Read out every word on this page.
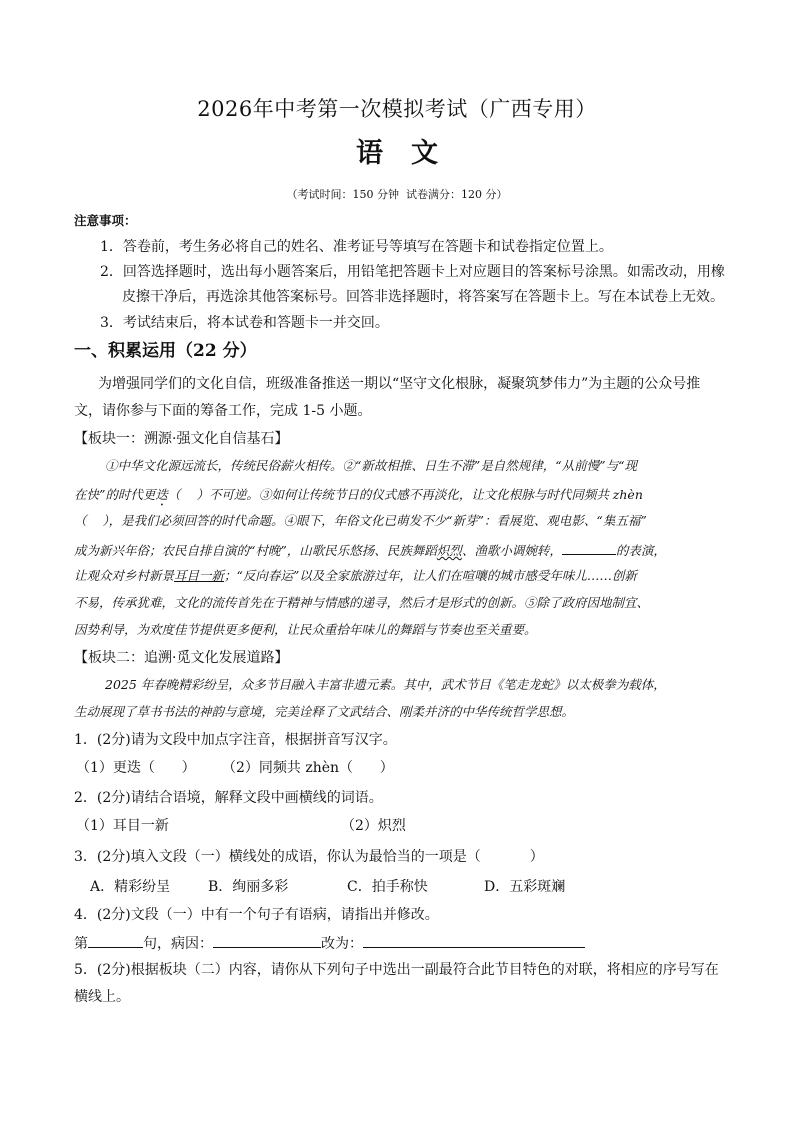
2026年中考第一次模拟考试（广西专用）
语 文
（考试时间：150 分钟  试卷满分：120 分）
注意事项：
1．答卷前，考生务必将自己的姓名、准考证号等填写在答题卡和试卷指定位置上。
2．回答选择题时，选出每小题答案后，用铅笔把答题卡上对应题目的答案标号涂黑。如需改动，用橡
皮擦干净后，再选涂其他答案标号。回答非选择题时，将答案写在答题卡上。写在本试卷上无效。
3．考试结束后，将本试卷和答题卡一并交回。
一、积累运用（22 分）
为增强同学们的文化自信，班级准备推送一期以“坚守文化根脉，凝聚筑梦伟力”为主题的公众号推
文，请你参与下面的筹备工作，完成 1-5 小题。
【板块一：溯源·强文化自信基石】
①中华文化源远流长，传统民俗薪火相传。②“新故相推、日生不滞”是自然规律，“从前慢”与“现
在快”的时代更迭（    ）不可逆。③如何让传统节日的仪式感不再淡化，让文化根脉与时代同频共 zhèn
（    ），是我们必须回答的时代命题。④眼下，年俗文化已萌发不少“新芽”：看展览、观电影、“集五福”
成为新兴年俗；农民自排自演的“村晚”，山歌民乐悠扬、民族舞蹈炽烈、渔歌小调婉转，	的表演，
让观众对乡村新景耳目一新；“反向春运”以及全家旅游过年，让人们在喧嚷的城市感受年味儿……创新
不易，传承犹难，文化的流传首先在于精神与情感的递寻，然后才是形式的创新。⑤除了政府因地制宜、
因势利导，为欢度佳节提供更多便利，让民众重拾年味儿的舞蹈与节奏也至关重要。
【板块二：追溯·觅文化发展道路】
2025 年春晚精彩纷呈，众多节目融入丰富非遗元素。其中，武术节目《笔走龙蛇》以太极拳为载体，
生动展现了草书书法的神韵与意境，完美诠释了文武结合、刚柔并济的中华传统哲学思想。
1．(2分)请为文段中加点字注音，根据拼音写汉字。
（1）更迭（      ） （2）同频共 zhèn（      ）
2．(2分)请结合语境，解释文段中画横线的词语。
（1）耳目一新	（2）炽烈
3．(2分)填入文段（一）横线处的成语，你认为最恰当的一项是（           ）
A．精彩纷呈	B．绚丽多彩	C．拍手称快	D．五彩斑斓
4．(2分)文段（一）中有一个句子有语病，请指出并修改。
第	句，病因：	改为：
5．(2分)根据板块（二）内容，请你从下列句子中选出一副最符合此节目特色的对联，将相应的序号写在
横线上。
